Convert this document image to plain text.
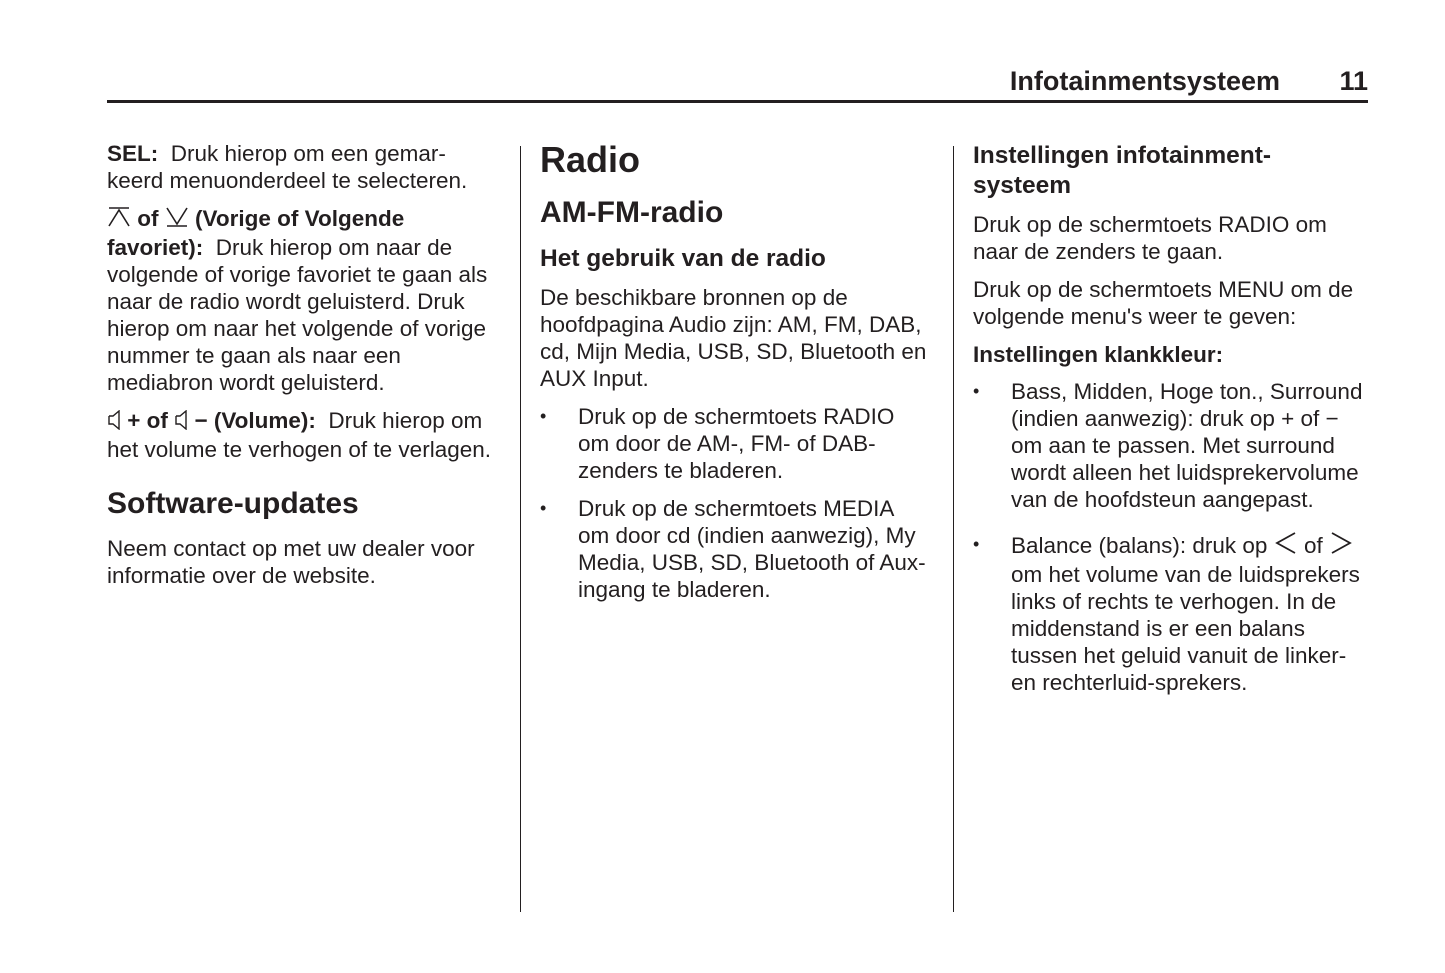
Infotainmentsysteem 11

SEL: Druk hierop om een gemar-keerd menuonderdeel te selecteren.

of (Vorige of Volgende favoriet): Druk hierop om naar de volgende of vorige favoriet te gaan als naar de radio wordt geluisterd. Druk hierop om naar het volgende of vorige nummer te gaan als naar een mediabron wordt geluisterd.

+ of − (Volume): Druk hierop om het volume te verhogen of te verlagen.

Software-updates

Neem contact op met uw dealer voor informatie over de website.

Radio
AM-FM-radio
Het gebruik van de radio

De beschikbare bronnen op de hoofdpagina Audio zijn: AM, FM, DAB, cd, Mijn Media, USB, SD, Bluetooth en AUX Input.

• Druk op de schermtoets RADIO om door de AM-, FM- of DAB-zenders te bladeren.
• Druk op de schermtoets MEDIA om door cd (indien aanwezig), My Media, USB, SD, Bluetooth of Aux-ingang te bladeren.
Instellingen infotainment-systeem

Druk op de schermtoets RADIO om naar de zenders te gaan.

Druk op de schermtoets MENU om de volgende menu's weer te geven:

Instellingen klankkleur:
• Bass, Midden, Hoge ton., Surround (indien aanwezig): druk op + of − om aan te passen. Met surround wordt alleen het luidsprekervolume van de hoofdsteun aangepast.
• Balance (balans): druk op of  om het volume van de luidsprekers links of rechts te verhogen. In de middenstand is er een balans tussen het geluid vanuit de linker- en rechterluid-sprekers.
